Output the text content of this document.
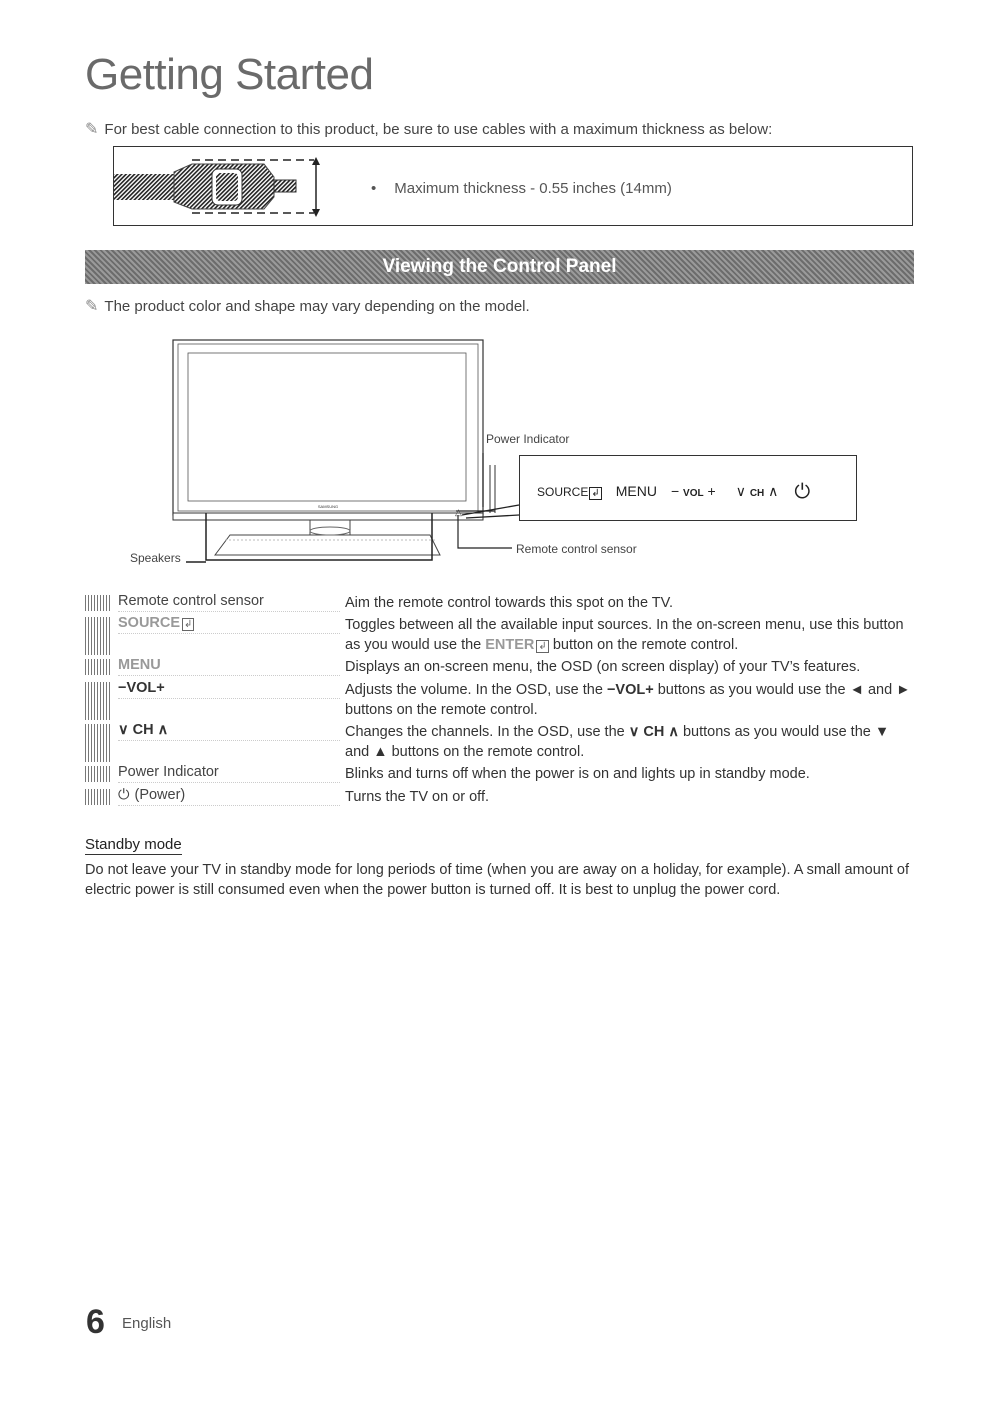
Getting Started
✎ For best cable connection to this product, be sure to use cables with a maximum thickness as below:
• Maximum thickness - 0.55 inches (14mm)
Viewing the Control Panel
✎ The product color and shape may vary depending on the model.
SAMSUNG
△
Power Indicator
Speakers
Remote control sensor
SOURCE ↲ MENU − VOL + ∨ CH ∧ ⏻
Remote control sensor	Aim the remote control towards this spot on the TV.
SOURCE ↲	Toggles between all the available input sources. In the on-screen menu, use this button as you would use the ENTER ↲ button on the remote control.
MENU	Displays an on-screen menu, the OSD (on screen display) of your TV’s features.
−VOL+	Adjusts the volume. In the OSD, use the −VOL+ buttons as you would use the ◄ and ► buttons on the remote control.
∨ CH ∧	Changes the channels. In the OSD, use the ∨ CH ∧ buttons as you would use the ▼ and ▲ buttons on the remote control.
Power Indicator	Blinks and turns off when the power is on and lights up in standby mode.
⏻ (Power)	Turns the TV on or off.
Standby mode
Do not leave your TV in standby mode for long periods of time (when you are away on a holiday, for example). A small amount of electric power is still consumed even when the power button is turned off. It is best to unplug the power cord.
6 English
